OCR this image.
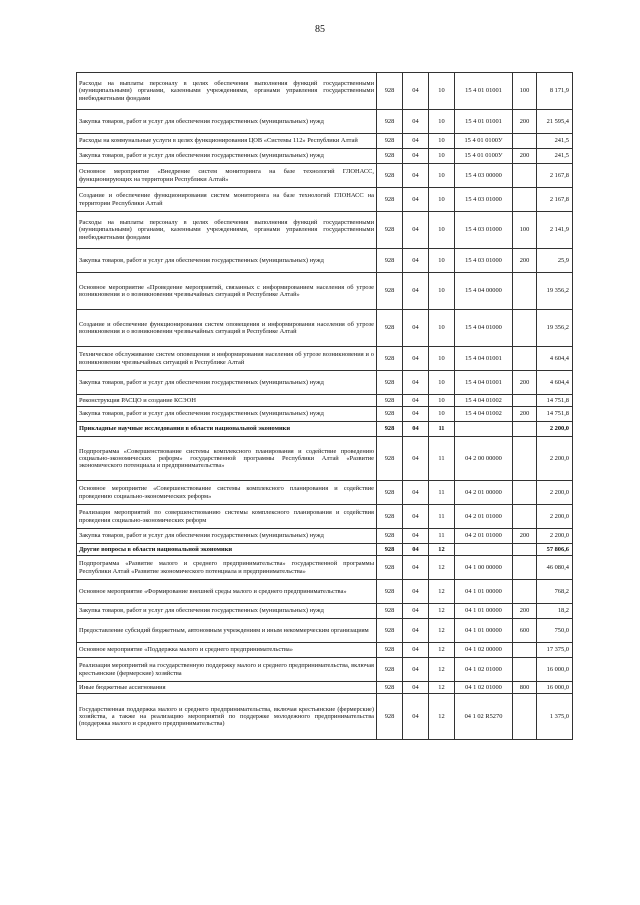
85
Расходы на выплаты персоналу в целях обеспечения выполнения функций государственными (муниципальными) органами, казенными учреждениями, органами управления государственными внебюджетными фондами	928	04	10	15 4 01 01001	100	8 171,9
Закупка товаров, работ и услуг для обеспечения государственных (муниципальных) нужд	928	04	10	15 4 01 01001	200	21 595,4
Расходы на коммунальные услуги в целях функционирования ЦОВ «Системы 112» Республики Алтай	928	04	10	15 4 01 0100У		241,5
Закупка товаров, работ и услуг для обеспечения государственных (муниципальных) нужд	928	04	10	15 4 01 0100У	200	241,5
Основное мероприятие «Внедрение систем мониторинга на базе технологий ГЛОНАСС, функционирующих на территории Республики Алтай»	928	04	10	15 4 03 00000		2 167,8
Создание и обеспечение функционирования систем мониторинга на базе технологий ГЛОНАСС на территории Республики Алтай	928	04	10	15 4 03 01000		2 167,8
Расходы на выплаты персоналу в целях обеспечения выполнения функций государственными (муниципальными) органами, казенными учреждениями, органами управления государственными внебюджетными фондами	928	04	10	15 4 03 01000	100	2 141,9
Закупка товаров, работ и услуг для обеспечения государственных (муниципальных) нужд	928	04	10	15 4 03 01000	200	25,9
Основное мероприятие «Проведение мероприятий, связанных с информированием населения об угрозе возникновения и о возникновении чрезвычайных ситуаций в Республике Алтай»	928	04	10	15 4 04 00000		19 356,2
Создание и обеспечение функционирования систем оповещения и информирования населения об угрозе возникновения и о возникновении чрезвычайных ситуаций в Республике Алтай	928	04	10	15 4 04 01000		19 356,2
Техническое обслуживание систем оповещения и информирования населения об угрозе возникновения и о возникновении чрезвычайных ситуаций в Республике Алтай	928	04	10	15 4 04 01001		4 604,4
Закупка товаров, работ и услуг для обеспечения государственных (муниципальных) нужд	928	04	10	15 4 04 01001	200	4 604,4
Реконструкция РАСЦО и создание КСЭОН	928	04	10	15 4 04 01002		14 751,8
Закупка товаров, работ и услуг для обеспечения государственных (муниципальных) нужд	928	04	10	15 4 04 01002	200	14 751,8
Прикладные научные исследования в области национальной экономики	928	04	11			2 200,0
Подпрограмма «Совершенствование системы комплексного планирования и содействие проведению социально-экономических реформ» государственной программы Республики Алтай «Развитие экономического потенциала и предпринимательства»	928	04	11	04 2 00 00000		2 200,0
Основное мероприятие «Совершенствование системы комплексного планирования и содействие проведению социально-экономических реформ»	928	04	11	04 2 01 00000		2 200,0
Реализация мероприятий по совершенствованию системы комплексного планирования и содействия проведения социально-экономических реформ	928	04	11	04 2 01 01000		2 200,0
Закупка товаров, работ и услуг для обеспечения государственных (муниципальных) нужд	928	04	11	04 2 01 01000	200	2 200,0
Другие вопросы в области национальной экономики	928	04	12			57 806,6
Подпрограмма «Развитие малого и среднего предпринимательства» государственной программы Республики Алтай «Развитие экономического потенциала и предпринимательства»	928	04	12	04 1 00 00000		46 080,4
Основное мероприятие «Формирование внешней среды малого и среднего предпринимательства»	928	04	12	04 1 01 00000		768,2
Закупка товаров, работ и услуг для обеспечения государственных (муниципальных) нужд	928	04	12	04 1 01 00000	200	18,2
Предоставление субсидий бюджетным, автономным учреждениям и иным некоммерческим организациям	928	04	12	04 1 01 00000	600	750,0
Основное мероприятие «Поддержка малого и среднего предпринимательства»	928	04	12	04 1 02 00000		17 375,0
Реализация мероприятий на государственную поддержку малого и среднего предпринимательства, включая крестьянские (фермерские) хозяйства	928	04	12	04 1 02 01000		16 000,0
Иные бюджетные ассигнования	928	04	12	04 1 02 01000	800	16 000,0
Государственная поддержка малого и среднего предпринимательства, включая крестьянские (фермерские) хозяйства, а также на реализацию мероприятий по поддержке молодежного предпринимательства (поддержка малого и среднего предпринимательства)	928	04	12	04 1 02 R5270		1 375,0
